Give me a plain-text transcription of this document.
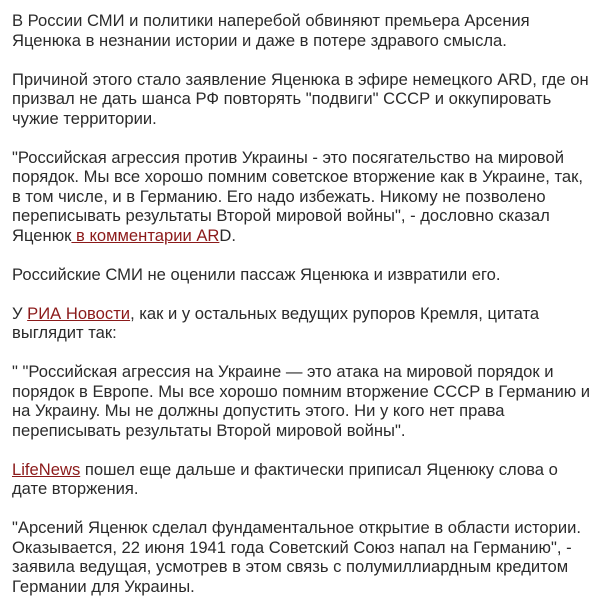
В России СМИ и политики наперебой обвиняют премьера Арсения Яценюка в незнании истории и даже в потере здравого смысла.

Причиной этого стало заявление Яценюка в эфире немецкого ARD, где он призвал не дать шанса РФ повторять "подвиги" СССР и оккупировать чужие территории.

"Российская агрессия против Украины - это посягательство на мировой порядок. Мы все хорошо помним советское вторжение как в Украине, так, в том числе, и в Германию. Его надо избежать. Никому не позволено переписывать результаты Второй мировой войны", - дословно сказал Яценюк в комментарии ARD.

Российские СМИ не оценили пассаж Яценюка и извратили его.

У РИА Новости, как и у остальных ведущих рупоров Кремля, цитата выглядит так:

" "Российская агрессия на Украине — это атака на мировой порядок и порядок в Европе. Мы все хорошо помним вторжение СССР в Германию и на Украину. Мы не должны допустить этого. Ни у кого нет права переписывать результаты Второй мировой войны".

LifeNews пошел еще дальше и фактически приписал Яценюку слова о дате вторжения.

"Арсений Яценюк сделал фундаментальное открытие в области истории. Оказывается, 22 июня 1941 года Советский Союз напал на Германию", - заявила ведущая, усмотрев в этом связь с полумиллиардным кредитом Германии для Украины.
